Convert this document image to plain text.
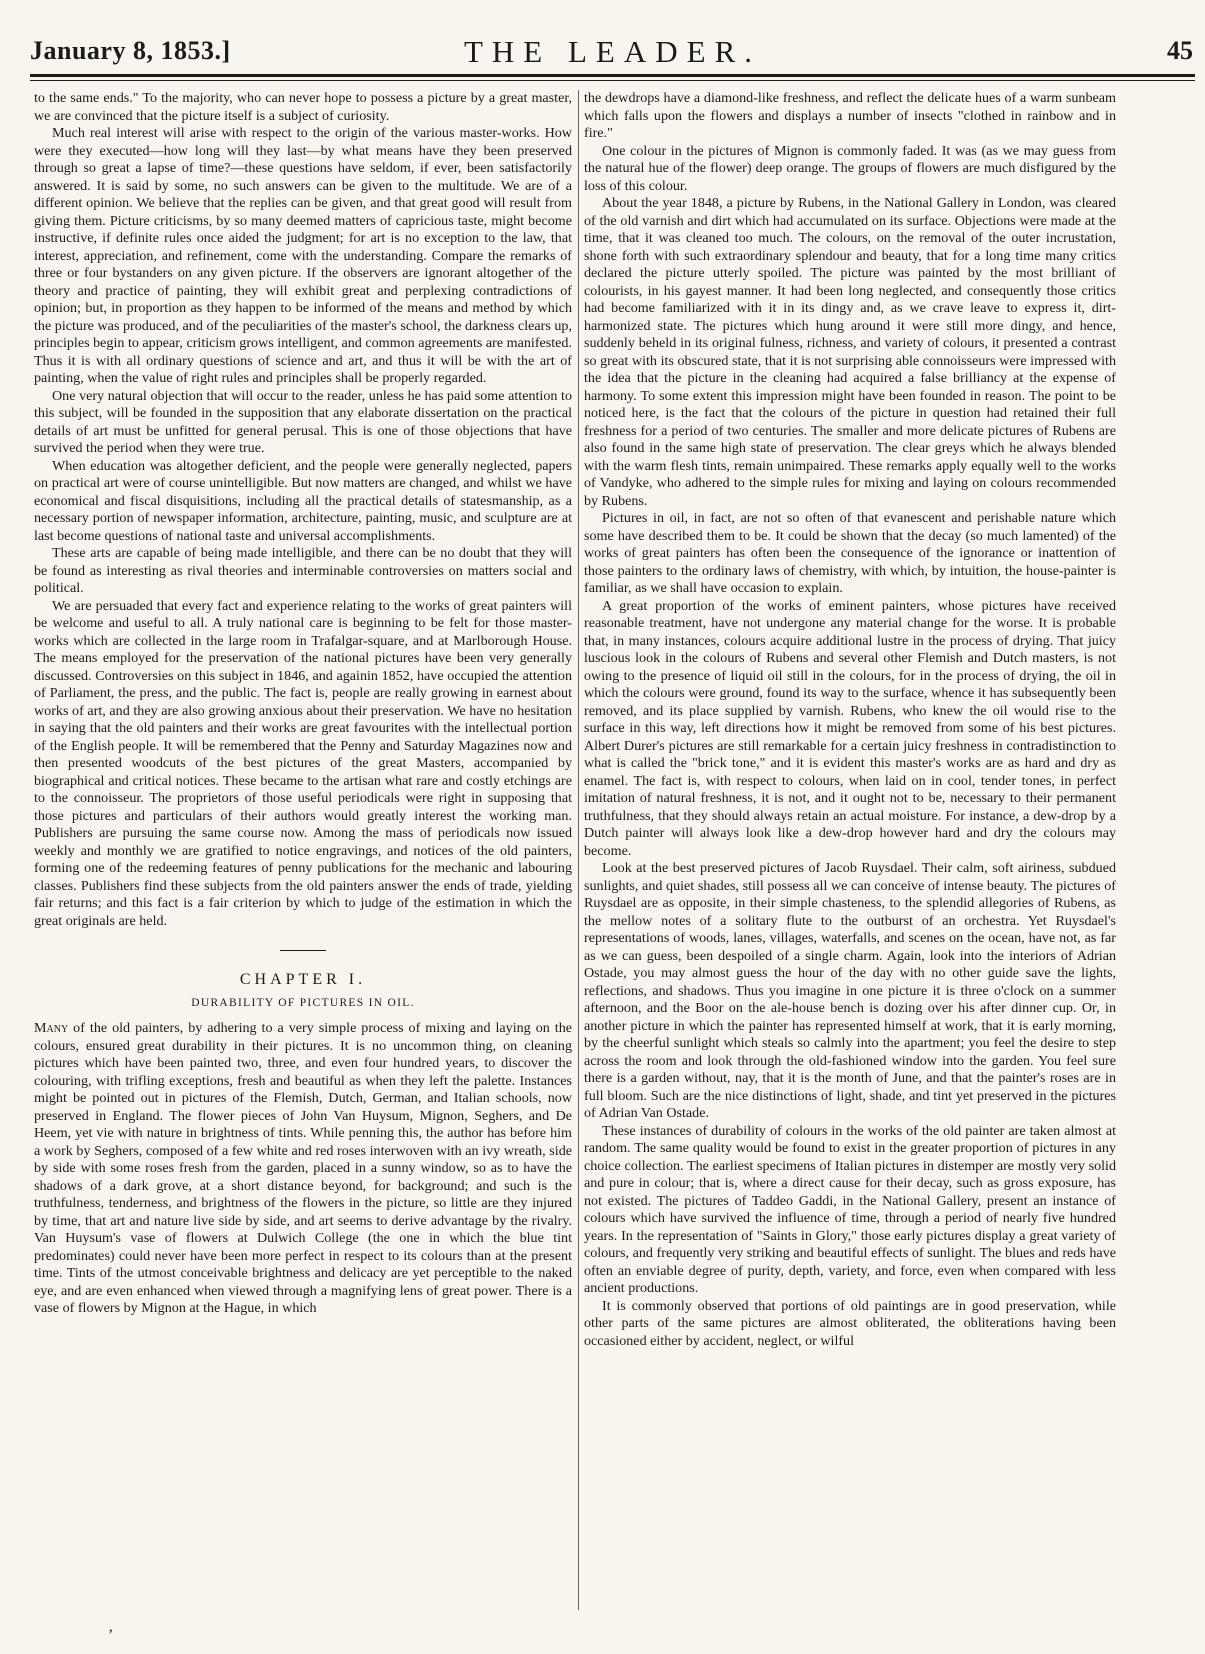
January 8, 1853.]	THE LEADER.	45

to the same ends." To the majority, who can never hope to possess a picture by a great master, we are convinced that the picture itself is a subject of curiosity.

Much real interest will arise with respect to the origin of the various master-works. How were they executed—how long will they last—by what means have they been preserved through so great a lapse of time?—these questions have seldom, if ever, been satisfactorily answered. It is said by some, no such answers can be given to the multitude. We are of a different opinion. We believe that the replies can be given, and that great good will result from giving them. Picture criticisms, by so many deemed matters of capricious taste, might become instructive, if definite rules once aided the judgment; for art is no exception to the law, that interest, appreciation, and refinement, come with the understanding. Compare the remarks of three or four bystanders on any given picture. If the observers are ignorant altogether of the theory and practice of painting, they will exhibit great and perplexing contradictions of opinion; but, in proportion as they happen to be informed of the means and method by which the picture was produced, and of the peculiarities of the master's school, the darkness clears up, principles begin to appear, criticism grows intelligent, and common agreements are manifested. Thus it is with all ordinary questions of science and art, and thus it will be with the art of painting, when the value of right rules and principles shall be properly regarded.

One very natural objection that will occur to the reader, unless he has paid some attention to this subject, will be founded in the supposition that any elaborate dissertation on the practical details of art must be unfitted for general perusal. This is one of those objections that have survived the period when they were true.

When education was altogether deficient, and the people were generally neglected, papers on practical art were of course unintelligible. But now matters are changed, and whilst we have economical and fiscal disquisitions, including all the practical details of statesmanship, as a necessary portion of newspaper information, architecture, painting, music, and sculpture are at last become questions of national taste and universal accomplishments.

These arts are capable of being made intelligible, and there can be no doubt that they will be found as interesting as rival theories and interminable controversies on matters social and political.

We are persuaded that every fact and experience relating to the works of great painters will be welcome and useful to all. A truly national care is beginning to be felt for those master-works which are collected in the large room in Trafalgar-square, and at Marlborough House. The means employed for the preservation of the national pictures have been very generally discussed. Controversies on this subject in 1846, and againin 1852, have occupied the attention of Parliament, the press, and the public. The fact is, people are really growing in earnest about works of art, and they are also growing anxious about their preservation. We have no hesitation in saying that the old painters and their works are great favourites with the intellectual portion of the English people. It will be remembered that the Penny and Saturday Magazines now and then presented woodcuts of the best pictures of the great Masters, accompanied by biographical and critical notices. These became to the artisan what rare and costly etchings are to the connoisseur. The proprietors of those useful periodicals were right in supposing that those pictures and particulars of their authors would greatly interest the working man. Publishers are pursuing the same course now. Among the mass of periodicals now issued weekly and monthly we are gratified to notice engravings, and notices of the old painters, forming one of the redeeming features of penny publications for the mechanic and labouring classes. Publishers find these subjects from the old painters answer the ends of trade, yielding fair returns; and this fact is a fair criterion by which to judge of the estimation in which the great originals are held.

CHAPTER I.
DURABILITY OF PICTURES IN OIL.

Many of the old painters, by adhering to a very simple process of mixing and laying on the colours, ensured great durability in their pictures. It is no uncommon thing, on cleaning pictures which have been painted two, three, and even four hundred years, to discover the colouring, with trifling exceptions, fresh and beautiful as when they left the palette. Instances might be pointed out in pictures of the Flemish, Dutch, German, and Italian schools, now preserved in England. The flower pieces of John Van Huysum, Mignon, Seghers, and De Heem, yet vie with nature in brightness of tints. While penning this, the author has before him a work by Seghers, composed of a few white and red roses interwoven with an ivy wreath, side by side with some roses fresh from the garden, placed in a sunny window, so as to have the shadows of a dark grove, at a short distance beyond, for background; and such is the truthfulness, tenderness, and brightness of the flowers in the picture, so little are they injured by time, that art and nature live side by side, and art seems to derive advantage by the rivalry. Van Huysum's vase of flowers at Dulwich College (the one in which the blue tint predominates) could never have been more perfect in respect to its colours than at the present time. Tints of the utmost conceivable brightness and delicacy are yet perceptible to the naked eye, and are even enhanced when viewed through a magnifying lens of great power. There is a vase of flowers by Mignon at the Hague, in which

the dewdrops have a diamond-like freshness, and reflect the delicate hues of a warm sunbeam which falls upon the flowers and displays a number of insects "clothed in rainbow and in fire."

One colour in the pictures of Mignon is commonly faded. It was (as we may guess from the natural hue of the flower) deep orange. The groups of flowers are much disfigured by the loss of this colour.

About the year 1848, a picture by Rubens, in the National Gallery in London, was cleared of the old varnish and dirt which had accumulated on its surface. Objections were made at the time, that it was cleaned too much. The colours, on the removal of the outer incrustation, shone forth with such extraordinary splendour and beauty, that for a long time many critics declared the picture utterly spoiled. The picture was painted by the most brilliant of colourists, in his gayest manner. It had been long neglected, and consequently those critics had become familiarized with it in its dingy and, as we crave leave to express it, dirt-harmonized state. The pictures which hung around it were still more dingy, and hence, suddenly beheld in its original fulness, richness, and variety of colours, it presented a contrast so great with its obscured state, that it is not surprising able connoisseurs were impressed with the idea that the picture in the cleaning had acquired a false brilliancy at the expense of harmony. To some extent this impression might have been founded in reason. The point to be noticed here, is the fact that the colours of the picture in question had retained their full freshness for a period of two centuries. The smaller and more delicate pictures of Rubens are also found in the same high state of preservation. The clear greys which he always blended with the warm flesh tints, remain unimpaired. These remarks apply equally well to the works of Vandyke, who adhered to the simple rules for mixing and laying on colours recommended by Rubens.

Pictures in oil, in fact, are not so often of that evanescent and perishable nature which some have described them to be. It could be shown that the decay (so much lamented) of the works of great painters has often been the consequence of the ignorance or inattention of those painters to the ordinary laws of chemistry, with which, by intuition, the house-painter is familiar, as we shall have occasion to explain.

A great proportion of the works of eminent painters, whose pictures have received reasonable treatment, have not undergone any material change for the worse. It is probable that, in many instances, colours acquire additional lustre in the process of drying. That juicy luscious look in the colours of Rubens and several other Flemish and Dutch masters, is not owing to the presence of liquid oil still in the colours, for in the process of drying, the oil in which the colours were ground, found its way to the surface, whence it has subsequently been removed, and its place supplied by varnish. Rubens, who knew the oil would rise to the surface in this way, left directions how it might be removed from some of his best pictures. Albert Durer's pictures are still remarkable for a certain juicy freshness in contradistinction to what is called the "brick tone," and it is evident this master's works are as hard and dry as enamel. The fact is, with respect to colours, when laid on in cool, tender tones, in perfect imitation of natural freshness, it is not, and it ought not to be, necessary to their permanent truthfulness, that they should always retain an actual moisture. For instance, a dew-drop by a Dutch painter will always look like a dew-drop however hard and dry the colours may become.

Look at the best preserved pictures of Jacob Ruysdael. Their calm, soft airiness, subdued sunlights, and quiet shades, still possess all we can conceive of intense beauty. The pictures of Ruysdael are as opposite, in their simple chasteness, to the splendid allegories of Rubens, as the mellow notes of a solitary flute to the outburst of an orchestra. Yet Ruysdael's representations of woods, lanes, villages, waterfalls, and scenes on the ocean, have not, as far as we can guess, been despoiled of a single charm. Again, look into the interiors of Adrian Ostade, you may almost guess the hour of the day with no other guide save the lights, reflections, and shadows. Thus you imagine in one picture it is three o'clock on a summer afternoon, and the Boor on the ale-house bench is dozing over his after dinner cup. Or, in another picture in which the painter has represented himself at work, that it is early morning, by the cheerful sunlight which steals so calmly into the apartment; you feel the desire to step across the room and look through the old-fashioned window into the garden. You feel sure there is a garden without, nay, that it is the month of June, and that the painter's roses are in full bloom. Such are the nice distinctions of light, shade, and tint yet preserved in the pictures of Adrian Van Ostade.

These instances of durability of colours in the works of the old painter are taken almost at random. The same quality would be found to exist in the greater proportion of pictures in any choice collection. The earliest specimens of Italian pictures in distemper are mostly very solid and pure in colour; that is, where a direct cause for their decay, such as gross exposure, has not existed. The pictures of Taddeo Gaddi, in the National Gallery, present an instance of colours which have survived the influence of time, through a period of nearly five hundred years. In the representation of "Saints in Glory," those early pictures display a great variety of colours, and frequently very striking and beautiful effects of sunlight. The blues and reds have often an enviable degree of purity, depth, variety, and force, even when compared with less ancient productions.

It is commonly observed that portions of old paintings are in good preservation, while other parts of the same pictures are almost obliterated, the obliterations having been occasioned either by accident, neglect, or wilful

‚
